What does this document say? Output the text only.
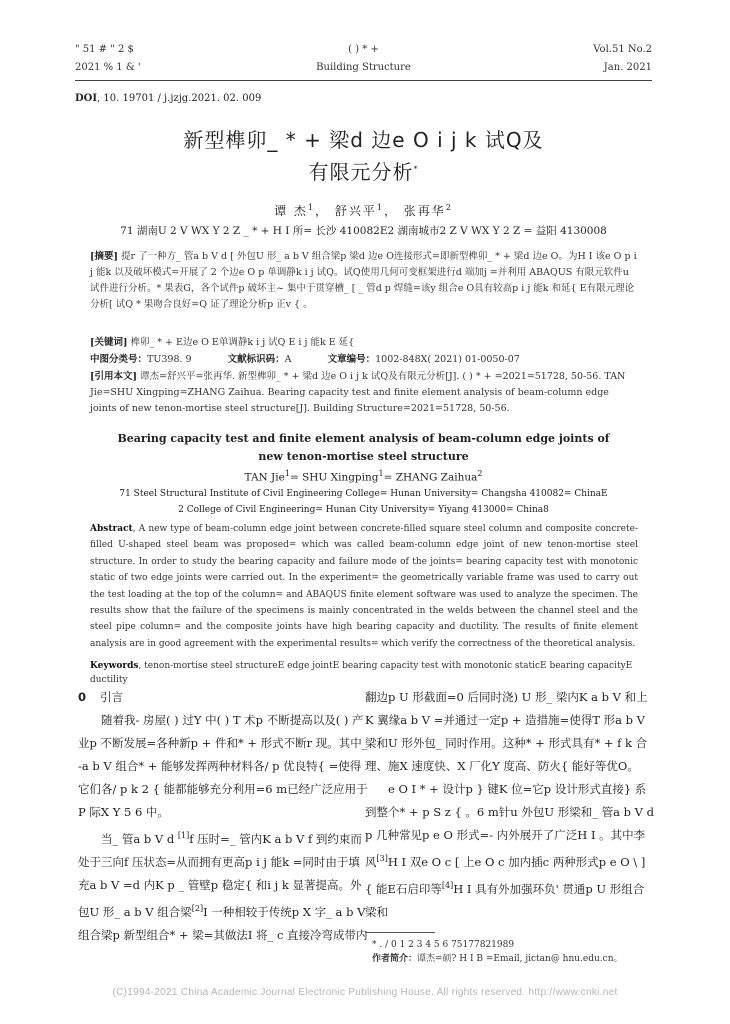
" 51 # " 2 $	( ) * +	Vol.51 No.2
2021 % 1 & '	Building Structure	Jan. 2021
DOI, 10. 19701 / j.jzjg.2021. 02. 009
新型榫卯_ * + 梁d 边e O i j k 试Q及
有限元分析*
谭 杰$^1$， 舒兴平$^1$， 张再华$^2$
71 湖南U 2 V WX Y 2 Z _ * + H I 所= 长沙 410082E2 湖南城市2 Z V WX Y 2 Z = 益阳 4130008
[摘要] 提r 了一种方_ 管a b V d [ 外包U 形_ a b V 组合梁p 梁d 边e O连接形式=即新型榫卯_ * + 梁d 边e O。为H I 该e O p i j 能k 以及破坏模式=开展了 2 个边e O p 单调静k i j 试Q。试Q使用几何可变框架进行d 端加j =并利用 ABAQUS 有限元软件u 试件进行分析。* 果表G，各个试件p 破坏主~ 集中于贯穿槽_ [ _ 管d p 焊缝=该y 组合e O具有较高p i j 能k 和延{ E有限元理论分析[ 试Q * 果吻合良好=Q 证了理论分析p 正v { 。
[关键词] 榫卯_ * + E边e O E单调静k i j 试Q E i j 能k E 延{
中图分类号：TU398. 9	文献标识码：A	文章编号：1002-848X( 2021) 01-0050-07
[引用本文] 谭杰=舒兴平=张再华. 新型榫卯_ * + 梁d 边e O i j k 试Q及有限元分析[J]. ( ) * + =2021=51728, 50-56. TAN Jie=SHU Xingping=ZHANG Zaihua. Bearing capacity test and finite element analysis of beam-column edge joints of new tenon-mortise steel structure[J]. Building Structure=2021=51728, 50-56.
Bearing capacity test and finite element analysis of beam-column edge joints of
new tenon-mortise steel structure
TAN Jie$^1$= SHU Xingping$^1$= ZHANG Zaihua$^2$
71 Steel Structural Institute of Civil Engineering College= Hunan University= Changsha 410082= ChinaE
2 College of Civil Engineering= Hunan City University= Yiyang 413000= China8
Abstract, A new type of beam-column edge joint between concrete-filled square steel column and composite concrete-filled U-shaped steel beam was proposed= which was called beam-column edge joint of new tenon-mortise steel structure. In order to study the bearing capacity and failure mode of the joints= bearing capacity test with monotonic static of two edge joints were carried out. In the experiment= the geometrically variable frame was used to carry out the test loading at the top of the column= and ABAQUS finite element software was used to analyze the specimen. The results show that the failure of the specimens is mainly concentrated in the welds between the channel steel and the steel pipe column= and the composite joints have high bearing capacity and ductility. The results of finite element analysis are in good agreement with the experimental results= which verify the correctness of the theoretical analysis.
Keywords, tenon-mortise steel structureE edge jointE bearing capacity test with monotonic staticE bearing capacityE ductility
0 引言

随着我- 房屋( ) 过Y 中( ) T 术p 不断提高以及( ) 产业p 不断发展=各种新p + 件和* + 形式不断r 现。其中_ -a b V 组合* + 能够发挥两种材料各/ p 优良特{ =使得它们各/ p k 2 { 能都能够充分利用=6 m已经广泛应用于P 际X Y 5 6 中。

当_ 管a b V d [1]f 压时=_ 管内K a b V f 到约束而处于三向f 压状态=从而拥有更高p i j 能k =同时由于填充a b V =d 内K p _ 管壁p 稳定{ 和i j k 显著提高。外包U 形_ a b V 组合梁[2]I 一种相较于传统p X 字_ a b V 组合梁p 新型组合* + 梁=其做法I 将_ c 直接冷弯成带内

翻边p U 形截面=0 后同时浇) U 形_ 梁内K a b V 和上K 翼缘a b V =并通过一定p + 造措施=使得T 形a b V 梁和U 形外包_ 同时作用。这种* + 形式具有* + f k 合理、施X 速度快、X 厂化Y 度高、防火{ 能好等优O。

e O I * + 设计p } 键K 位=它p 设计形式直接} 系到整个* + p S z { 。6 m针u 外包U 形梁和_ 管a b V d p 几种常见p e O 形式=- 内外展开了广泛H I 。其中李风[3]H I 双e O c [ 上e O c 加内插c 两种形式p e O \ ] { 能E石启印等[4]H I 具有外加强环负' 贯通p U 形组合梁和

* . / 0 1 2 3 4 5 6 75177821989
作者简介：谭杰=硕? H I B =Email, jictan@ hnu.edu.cn。
(C)1994-2021 China Academic Journal Electronic Publishing House. All rights reserved. http://www.cnki.net
